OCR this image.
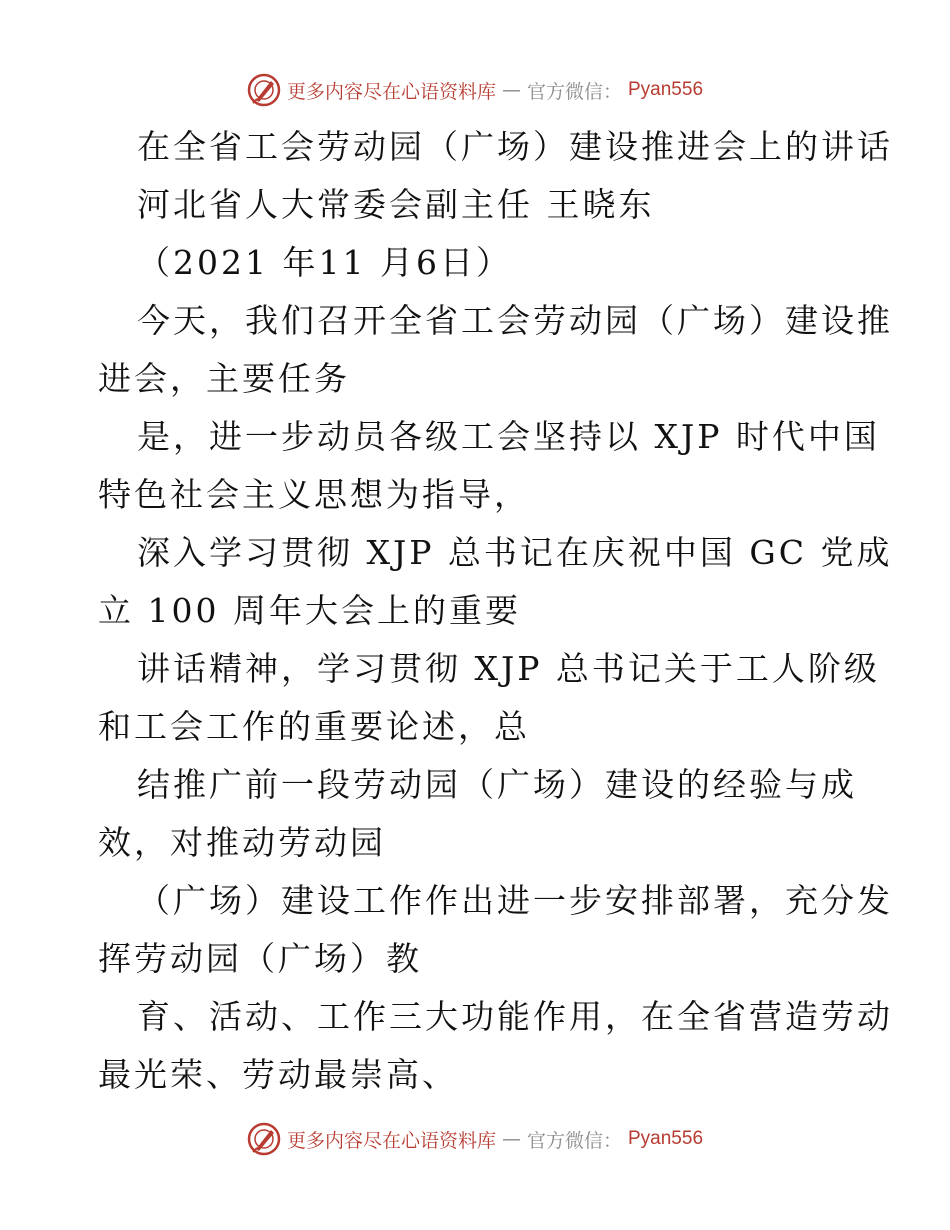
更多内容尽在心语资料库 — 官方微信： Pyan556
在全省工会劳动园（广场）建设推进会上的讲话
河北省人大常委会副主任 王晓东
（2021 年11 月6日）
今天，我们召开全省工会劳动园（广场）建设推
进会，主要任务
是，进一步动员各级工会坚持以 XJP 时代中国
特色社会主义思想为指导，
深入学习贯彻 XJP 总书记在庆祝中国 GC 党成
立 100 周年大会上的重要
讲话精神，学习贯彻 XJP 总书记关于工人阶级
和工会工作的重要论述，总
结推广前一段劳动园（广场）建设的经验与成
效，对推动劳动园
（广场）建设工作作出进一步安排部署，充分发
挥劳动园（广场）教
育、活动、工作三大功能作用，在全省营造劳动
最光荣、劳动最崇高、
更多内容尽在心语资料库 — 官方微信： Pyan556
